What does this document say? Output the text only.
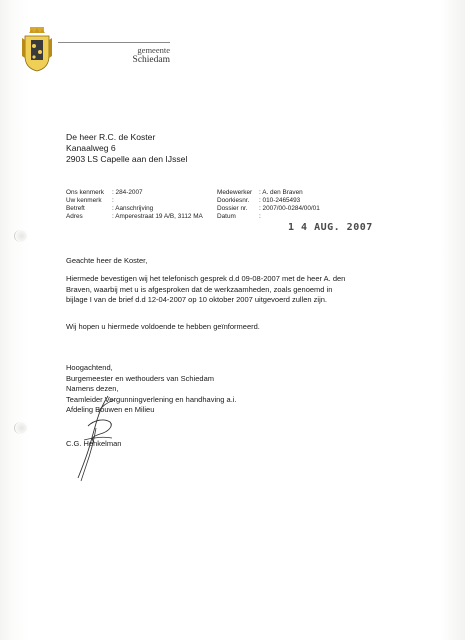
gemeente
Schiedam
De heer R.C. de Koster
Kanaalweg 6
2903 LS Capelle aan den IJssel
Ons kenmerk : 284-2007
Uw kenmerk :
Betreft	: Aanschrijving
Adres	: Amperestraat 19 A/B, 3112 MA
Medewerker : A. den Braven
Doorkiesnr. : 010-2465493
Dossier nr. : 2007/00-0284/00/01
Datum	:
1 4 AUG. 2007
Geachte heer de Koster,
Hiermede bevestigen wij het telefonisch gesprek d.d 09-08-2007 met de heer A. den
Braven, waarbij met u is afgesproken dat de werkzaamheden, zoals genoemd in
bijlage I van de brief d.d 12-04-2007 op 10 oktober 2007 uitgevoerd zullen zijn.
Wij hopen u hiermede voldoende te hebben geïnformeerd.
Hoogachtend,
Burgemeester en wethouders van Schiedam
Namens dezen,
Teamleider Vergunningverlening en handhaving a.i.
Afdeling Bouwen en Milieu
C.G. Henkelman
